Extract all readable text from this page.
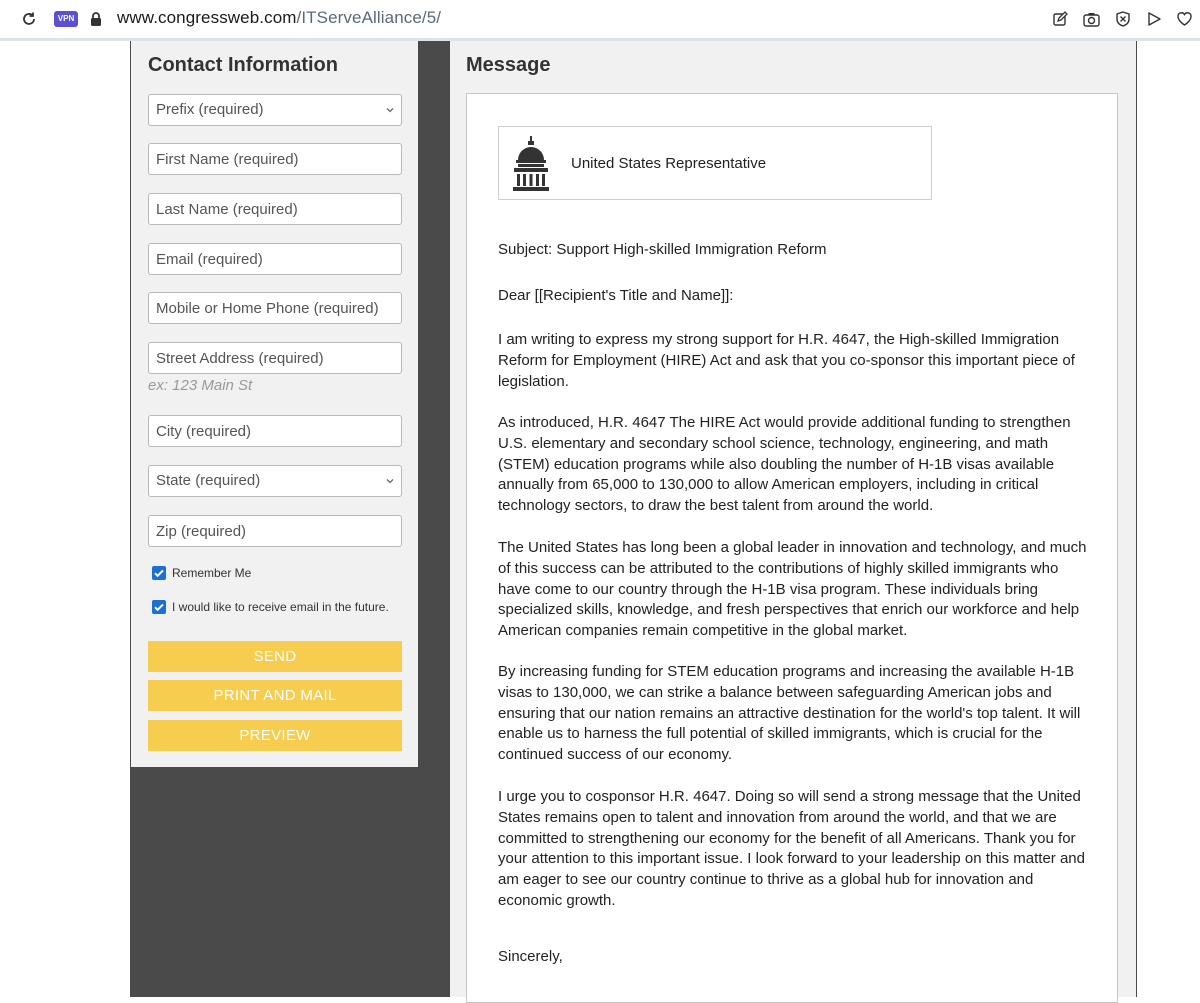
VPN	www.congressweb.com/ITServeAlliance/5/
Contact Information
Prefix (required)
First Name (required)
Last Name (required)
Email (required)
Mobile or Home Phone (required)
Street Address (required)
ex: 123 Main St
City (required)
State (required)
Zip (required)
Remember Me
I would like to receive email in the future.
SEND
PRINT AND MAIL
PREVIEW
Message
United States Representative

Subject: Support High-skilled Immigration Reform

Dear [[Recipient's Title and Name]]:

I am writing to express my strong support for H.R. 4647, the High-skilled Immigration Reform for Employment (HIRE) Act and ask that you co-sponsor this important piece of legislation.

As introduced, H.R. 4647 The HIRE Act would provide additional funding to strengthen U.S. elementary and secondary school science, technology, engineering, and math (STEM) education programs while also doubling the number of H-1B visas available annually from 65,000 to 130,000 to allow American employers, including in critical technology sectors, to draw the best talent from around the world.

The United States has long been a global leader in innovation and technology, and much of this success can be attributed to the contributions of highly skilled immigrants who have come to our country through the H-1B visa program. These individuals bring specialized skills, knowledge, and fresh perspectives that enrich our workforce and help American companies remain competitive in the global market.

By increasing funding for STEM education programs and increasing the available H-1B visas to 130,000, we can strike a balance between safeguarding American jobs and ensuring that our nation remains an attractive destination for the world's top talent. It will enable us to harness the full potential of skilled immigrants, which is crucial for the continued success of our economy.

I urge you to cosponsor H.R. 4647. Doing so will send a strong message that the United States remains open to talent and innovation from around the world, and that we are committed to strengthening our economy for the benefit of all Americans. Thank you for your attention to this important issue. I look forward to your leadership on this matter and am eager to see our country continue to thrive as a global hub for innovation and economic growth.

Sincerely,
